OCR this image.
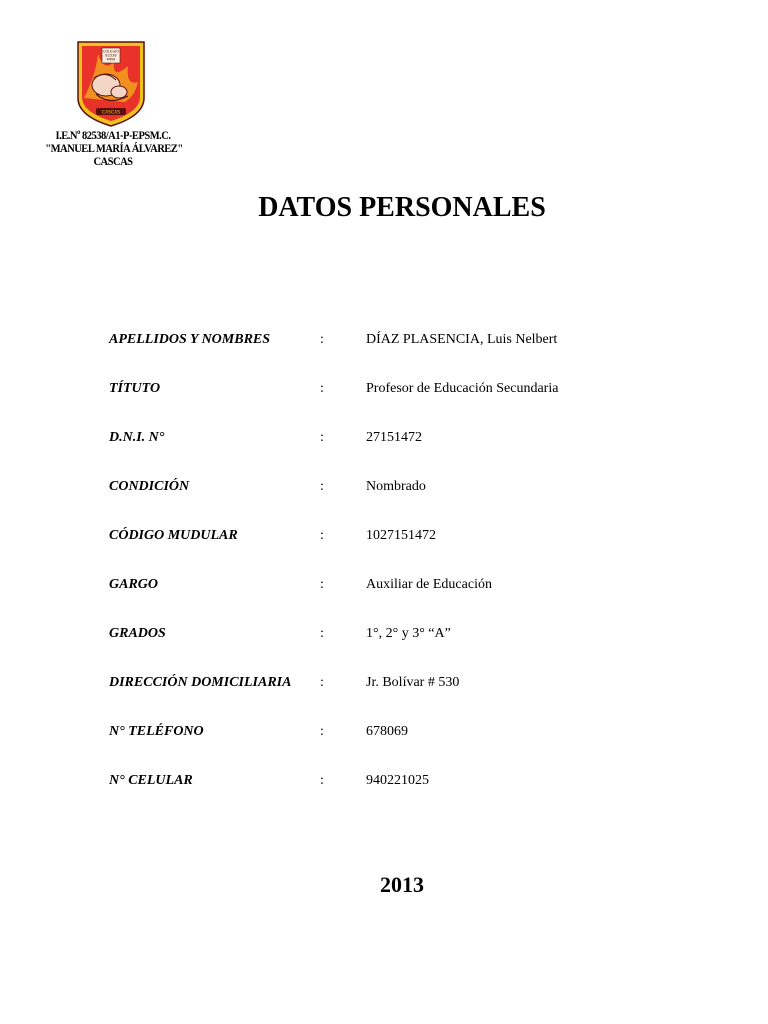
COLEGIO
82538
MMA
CASCAS
I.E.Nº 82538/A1-P-EPSM.C.
"MANUEL MARÍA ÁLVAREZ"
CASCAS
DATOS PERSONALES
APELLIDOS Y NOMBRES	:	DÍAZ PLASENCIA, Luis Nelbert
TÍTUTO	:	Profesor de Educación Secundaria
D.N.I. N°	:	27151472
CONDICIÓN	:	Nombrado
CÓDIGO MUDULAR	:	1027151472
GARGO	:	Auxiliar de Educación
GRADOS	:	1°, 2° y 3° “A”
DIRECCIÓN DOMICILIARIA :	Jr. Bolívar # 530
N° TELÉFONO	:	678069
N° CELULAR	:	940221025
2013
